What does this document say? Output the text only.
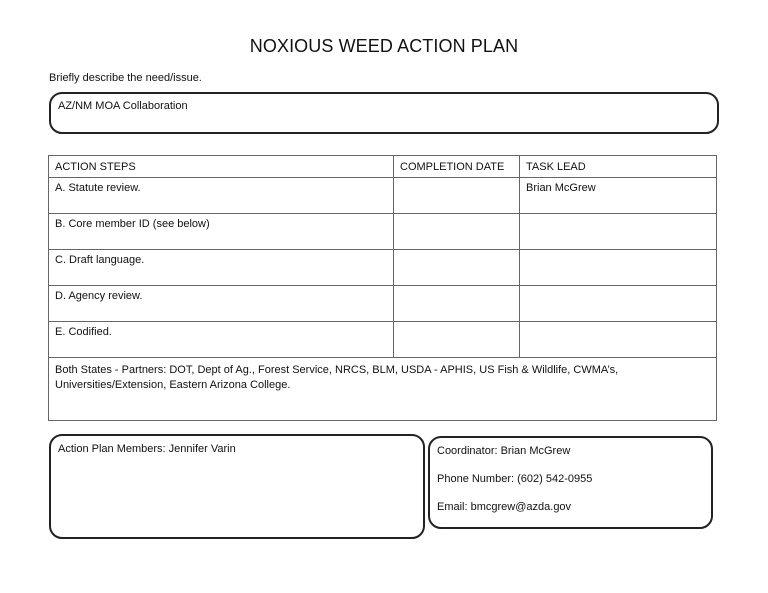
NOXIOUS WEED ACTION PLAN
Briefly describe the need/issue.
AZ/NM MOA Collaboration
ACTION STEPS	COMPLETION DATE	TASK LEAD
A. Statute review.		Brian McGrew
B. Core member ID (see below)		
C. Draft language.		
D. Agency review.		
E. Codified.		
Both States - Partners: DOT, Dept of Ag., Forest Service, NRCS, BLM, USDA - APHIS, US Fish & Wildlife, CWMA’s, Universities/Extension, Eastern Arizona College.		
Action Plan Members: Jennifer Varin	Coordinator: Brian McGrew
Phone Number: (602) 542-0955
Email: bmcgrew@azda.gov
